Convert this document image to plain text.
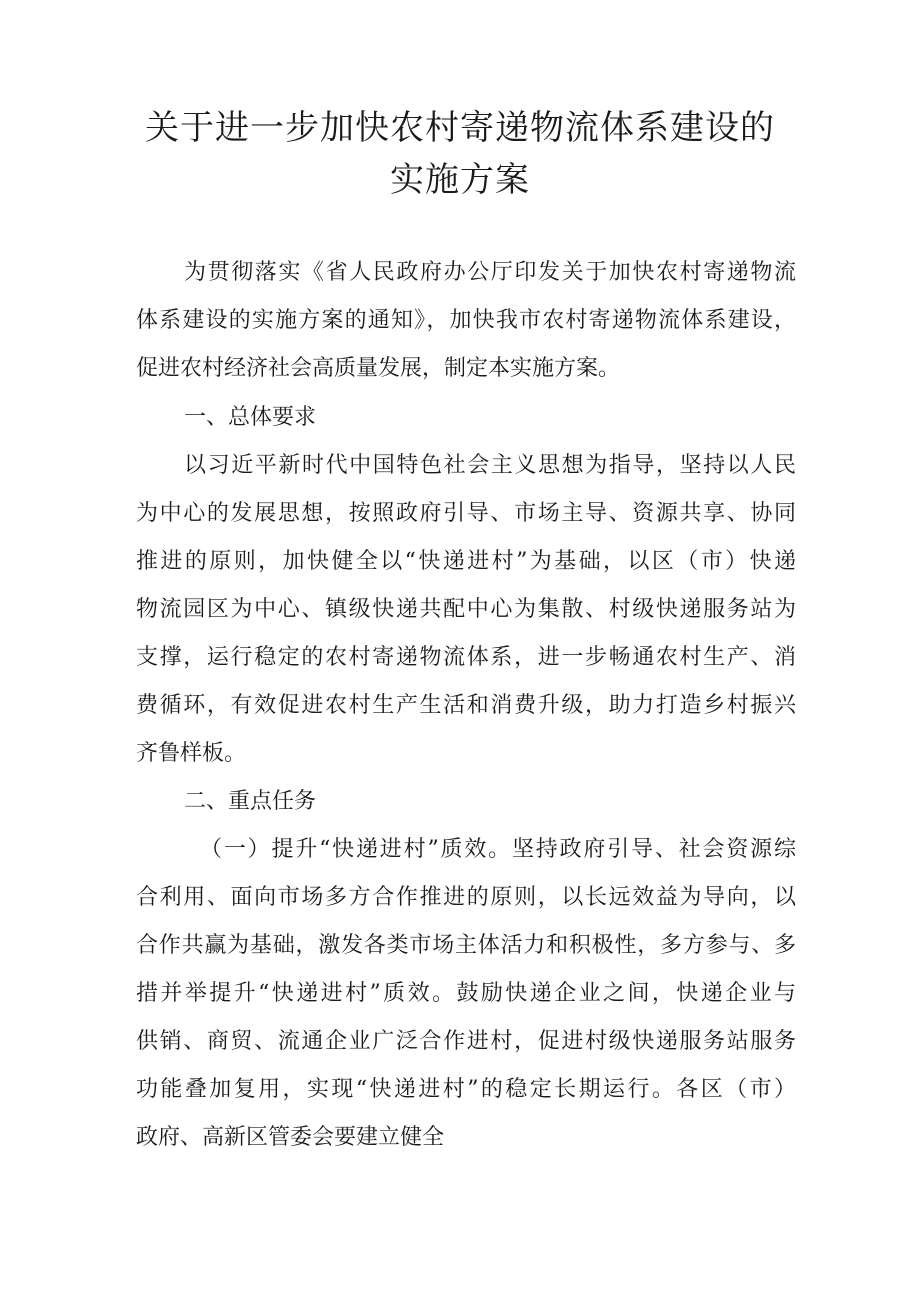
关于进一步加快农村寄递物流体系建设的
实施方案
为贯彻落实《省人民政府办公厅印发关于加快农村寄递物流
体系建设的实施方案的通知》，加快我市农村寄递物流体系建设，
促进农村经济社会高质量发展，制定本实施方案。
一、总体要求
以习近平新时代中国特色社会主义思想为指导，坚持以人民
为中心的发展思想，按照政府引导、市场主导、资源共享、协同
推进的原则，加快健全以“快递进村”为基础，以区（市）快递
物流园区为中心、镇级快递共配中心为集散、村级快递服务站为
支撑，运行稳定的农村寄递物流体系，进一步畅通农村生产、消
费循环，有效促进农村生产生活和消费升级，助力打造乡村振兴
齐鲁样板。
二、重点任务
（一）提升“快递进村”质效。坚持政府引导、社会资源综
合利用、面向市场多方合作推进的原则，以长远效益为导向，以
合作共赢为基础，激发各类市场主体活力和积极性，多方参与、多
措并举提升“快递进村”质效。鼓励快递企业之间，快递企业与
供销、商贸、流通企业广泛合作进村，促进村级快递服务站服务
功能叠加复用，实现“快递进村”的稳定长期运行。各区（市）
政府、高新区管委会要建立健全
